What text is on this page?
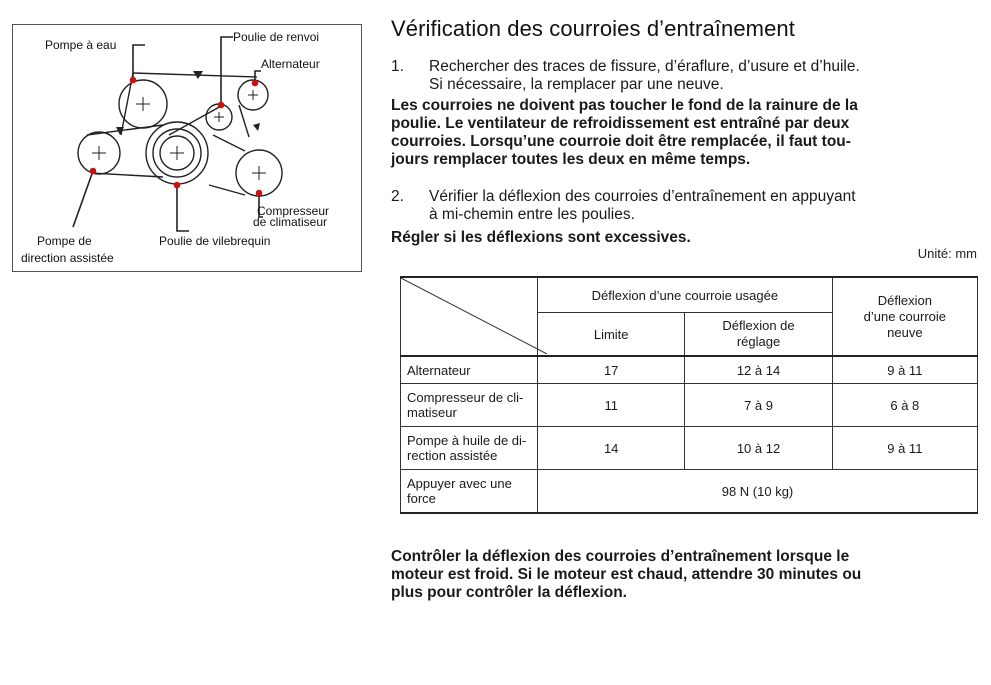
Pompe à eau
Poulie de renvoi
Alternateur
Compresseur
de climatiseur
Pompe de
direction assistée
Poulie de vilebrequin
Vérification des courroies d’entraînement
1. Rechercher des traces de fissure, d’éraflure, d’usure et d’huile.
Si nécessaire, la remplacer par une neuve.
Les courroies ne doivent pas toucher le fond de la rainure de la
poulie. Le ventilateur de refroidissement est entraîné par deux
courroies. Lorsqu’une courroie doit être remplacée, il faut tou-
jours remplacer toutes les deux en même temps.
2. Vérifier la déflexion des courroies d’entraînement en appuyant
à mi-chemin entre les poulies.
Régler si les déflexions sont excessives.
Unité: mm
	Déflexion d’une courroie usagée		Déflexion
d’une courroie
neuve

	Limite	Déflexion de
réglage	

Alternateur	17	12 à 14	9 à 11

Compresseur de cli-
matiseur	11	7 à 9	6 à 8

Pompe à huile de di-
rection assistée	14	10 à 12	9 à 11

Appuyer avec une
force	98 N (10 kg)		
Contrôler la déflexion des courroies d’entraînement lorsque le
moteur est froid. Si le moteur est chaud, attendre 30 minutes ou
plus pour contrôler la déflexion.
